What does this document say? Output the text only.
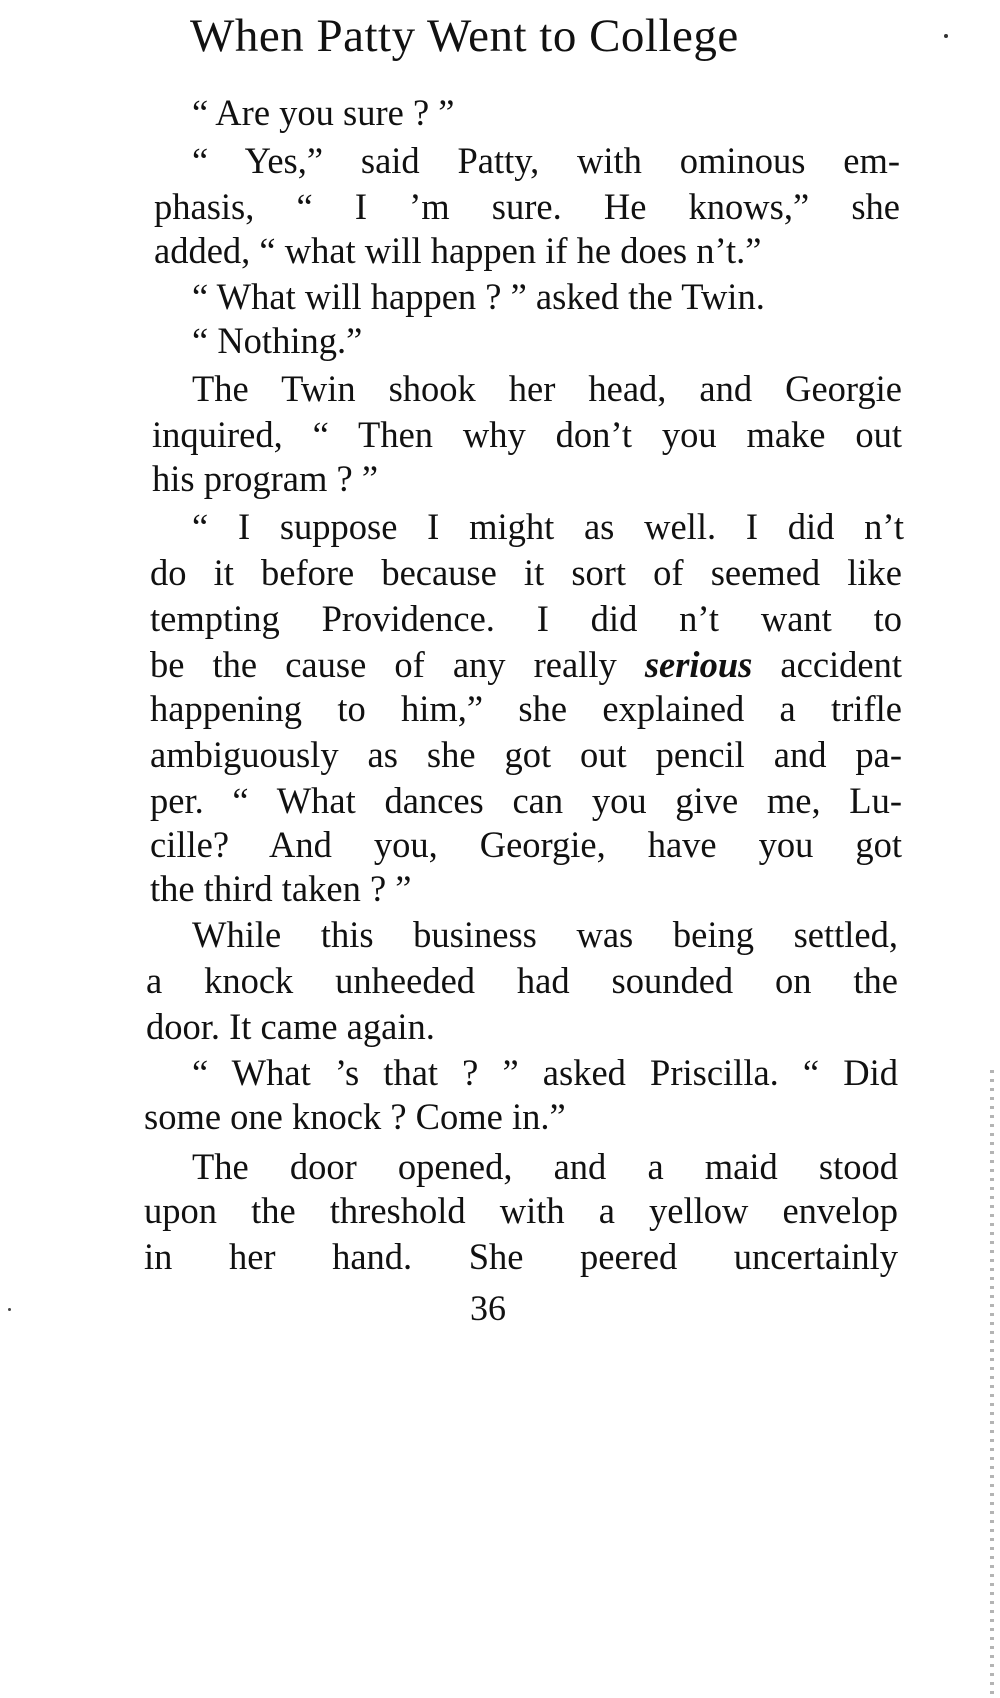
When Patty Went to College
“ Are you sure ? ”
“ Yes,” said Patty, with ominous em-
phasis, “ I ’m sure. He knows,” she
added, “ what will happen if he does n’t.”
“ What will happen ? ” asked the Twin.
“ Nothing.”
The Twin shook her head, and Georgie
inquired, “ Then why don’t you make out
his program ? ”
“ I suppose I might as well. I did n’t
do it before because it sort of seemed like
tempting Providence. I did n’t want to
be the cause of any really serious accident
happening to him,” she explained a trifle
ambiguously as she got out pencil and pa-
per. “ What dances can you give me, Lu-
cille? And you, Georgie, have you got
the third taken ? ”
While this business was being settled,
a knock unheeded had sounded on the
door. It came again.
“ What ’s that ? ” asked Priscilla. “ Did
some one knock ? Come in.”
The door opened, and a maid stood
upon the threshold with a yellow envelop
in her hand. She peered uncertainly
36
